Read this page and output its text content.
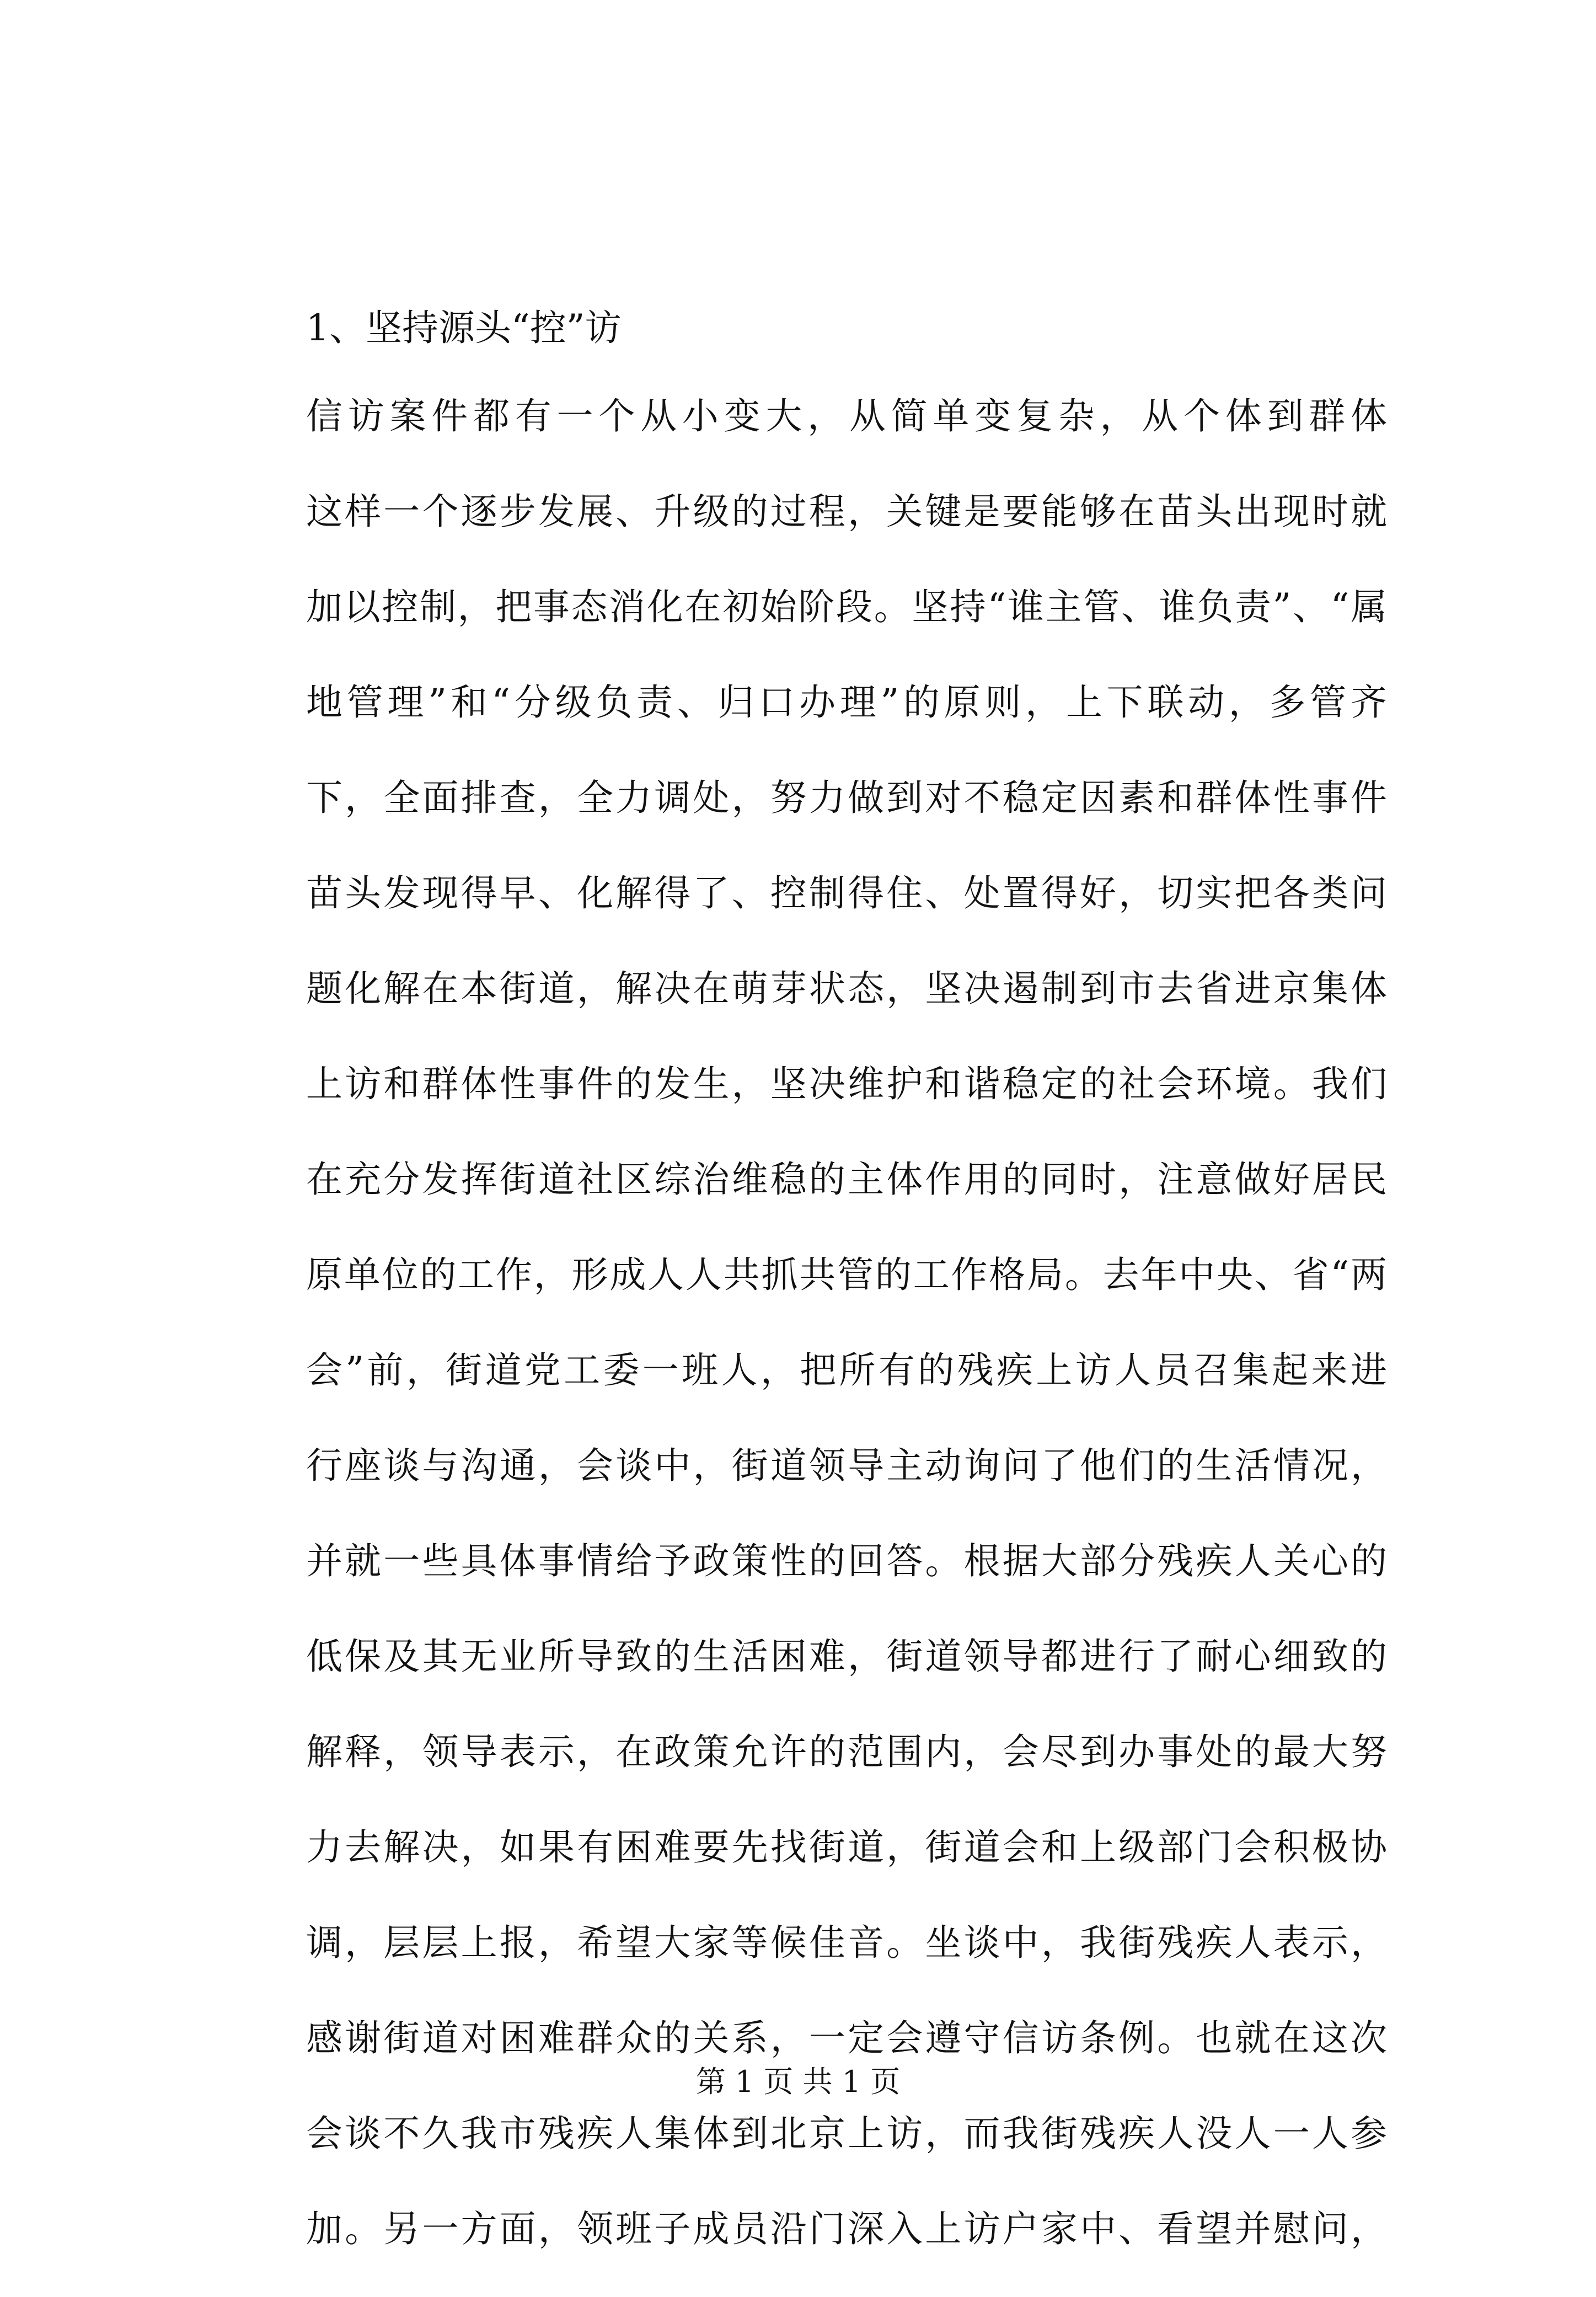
1、坚持源头“控”访
信访案件都有一个从小变大，从简单变复杂，从个体到群体
这样一个逐步发展、升级的过程，关键是要能够在苗头出现时就
加以控制，把事态消化在初始阶段。坚持“谁主管、谁负责”、“属
地管理”和“分级负责、归口办理”的原则，上下联动，多管齐
下，全面排查，全力调处，努力做到对不稳定因素和群体性事件
苗头发现得早、化解得了、控制得住、处置得好，切实把各类问
题化解在本街道，解决在萌芽状态，坚决遏制到市去省进京集体
上访和群体性事件的发生，坚决维护和谐稳定的社会环境。我们
在充分发挥街道社区综治维稳的主体作用的同时，注意做好居民
原单位的工作，形成人人共抓共管的工作格局。去年中央、省“两
会”前，街道党工委一班人，把所有的残疾上访人员召集起来进
行座谈与沟通，会谈中，街道领导主动询问了他们的生活情况，
并就一些具体事情给予政策性的回答。根据大部分残疾人关心的
低保及其无业所导致的生活困难，街道领导都进行了耐心细致的
解释，领导表示，在政策允许的范围内，会尽到办事处的最大努
力去解决，如果有困难要先找街道，街道会和上级部门会积极协
调，层层上报，希望大家等候佳音。坐谈中，我街残疾人表示，
感谢街道对困难群众的关系，一定会遵守信访条例。也就在这次
会谈不久我市残疾人集体到北京上访，而我街残疾人没人一人参
加。另一方面，领班子成员沿门深入上访户家中、看望并慰问，
第 1 页 共 1 页
